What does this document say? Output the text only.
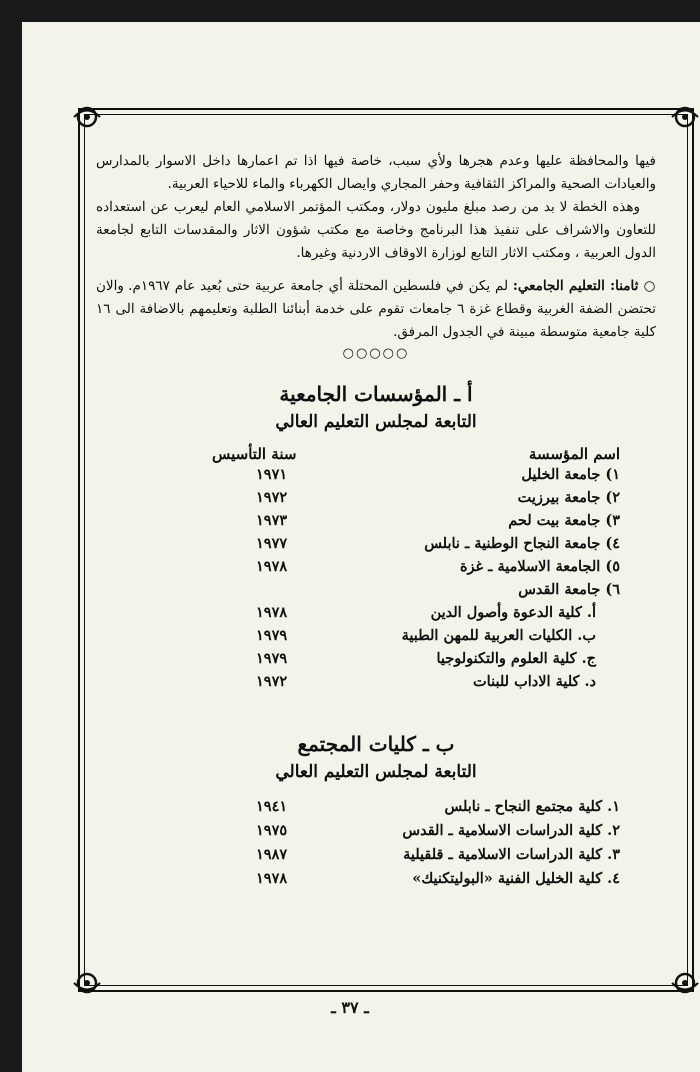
فيها والمحافظة عليها وعدم هجرها ولأي سبب، خاصة فيها اذا تم اعمارها داخل الاسوار بالمدارس والعيادات الصحية والمراكز الثقافية وحفر المجاري وايصال الكهرباء والماء للاحياء العربية.

وهذه الخطة لا بد من رصد مبلغ مليون دولار، ومكتب المؤتمر الاسلامي العام ليعرب عن استعداده للتعاون والاشراف على تنفيذ هذا البرنامج وخاصة مع مكتب شؤون الاثار والمقدسات التابع لجامعة الدول العربية ، ومكتب الاثار التابع لوزارة الاوقاف الاردنية وغيرها.

○ ثامنا: التعليم الجامعي: لم يكن في فلسطين المحتلة أي جامعة عربية حتى بُعيد عام ١٩٦٧م. والان تحتضن الضفة الغربية وقطاع غزة ٦ جامعات تقوم على خدمة أبنائنا الطلبة وتعليمهم بالاضافة الى ١٦ كلية جامعية متوسطة مبينة في الجدول المرفق.

○○○○○
أ ـ المؤسسات الجامعية
التابعة لمجلس التعليم العالي
اسم المؤسسة
سنة التأسيس
١) جامعة الخليل
١٩٧١
٢) جامعة بيرزيت
١٩٧٢
٣) جامعة بيت لحم
١٩٧٣
٤) جامعة النجاح الوطنية ـ نابلس
١٩٧٧
٥) الجامعة الاسلامية ـ غزة
١٩٧٨
٦) جامعة القدس
أ. كلية الدعوة وأصول الدين
١٩٧٨
ب. الكليات العربية للمهن الطبية
١٩٧٩
ج. كلية العلوم والتكنولوجيا
١٩٧٩
د. كلية الاداب للبنات
١٩٧٢
ب ـ كليات المجتمع
التابعة لمجلس التعليم العالي
١. كلية مجتمع النجاح ـ نابلس
١٩٤١
٢. كلية الدراسات الاسلامية ـ القدس
١٩٧٥
٣. كلية الدراسات الاسلامية ـ قلقيلية
١٩٨٧
٤. كلية الخليل الفنية «البوليتكنيك»
١٩٧٨
ـ ٣٧ ـ
